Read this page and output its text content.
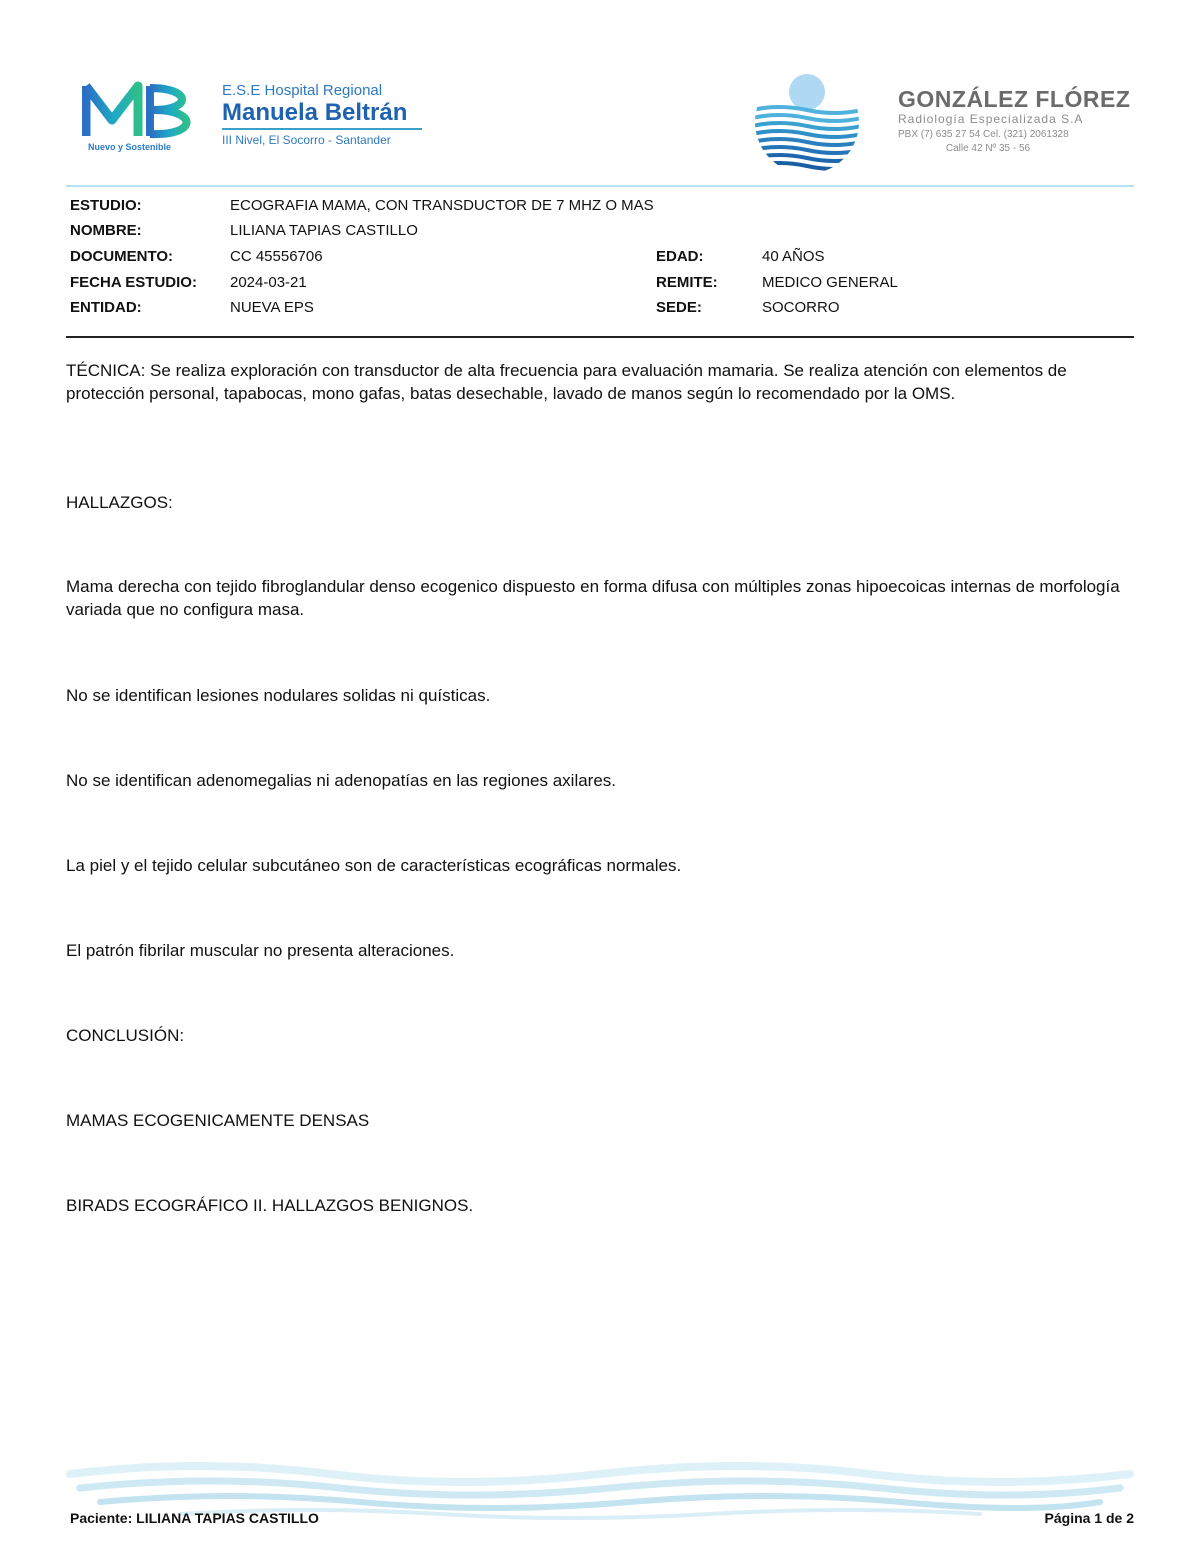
Nuevo y Sostenible
E.S.E Hospital Regional
Manuela Beltrán
III Nivel, El Socorro - Santander
GONZÁLEZ FLÓREZ
Radiología Especializada S.A
PBX (7) 635 27 54 Cel. (321) 2061328
Calle 42 Nº 35 - 56
ESTUDIO:	ECOGRAFIA MAMA, CON TRANSDUCTOR DE 7 MHZ O MAS
NOMBRE:	LILIANA TAPIAS CASTILLO
DOCUMENTO:	CC 45556706	EDAD:	40 AÑOS
FECHA ESTUDIO: 2024-03-21	REMITE:	MEDICO GENERAL
ENTIDAD:	NUEVA EPS	SEDE:	SOCORRO
TÉCNICA: Se realiza exploración con transductor de alta frecuencia para evaluación mamaria. Se realiza atención con elementos de protección personal, tapabocas, mono gafas, batas desechable, lavado de manos según lo recomendado por la OMS.
HALLAZGOS:
Mama derecha con tejido fibroglandular denso ecogenico dispuesto en forma difusa con múltiples zonas hipoecoicas internas de morfología variada que no configura masa.
No se identifican lesiones nodulares solidas ni quísticas.
No se identifican adenomegalias ni adenopatías en las regiones axilares.
La piel y el tejido celular subcutáneo son de características ecográficas normales.
El patrón fibrilar muscular no presenta alteraciones.
CONCLUSIÓN:
MAMAS ECOGENICAMENTE DENSAS
BIRADS ECOGRÁFICO II. HALLAZGOS BENIGNOS.
Paciente: LILIANA TAPIAS CASTILLO	Página 1 de 2
